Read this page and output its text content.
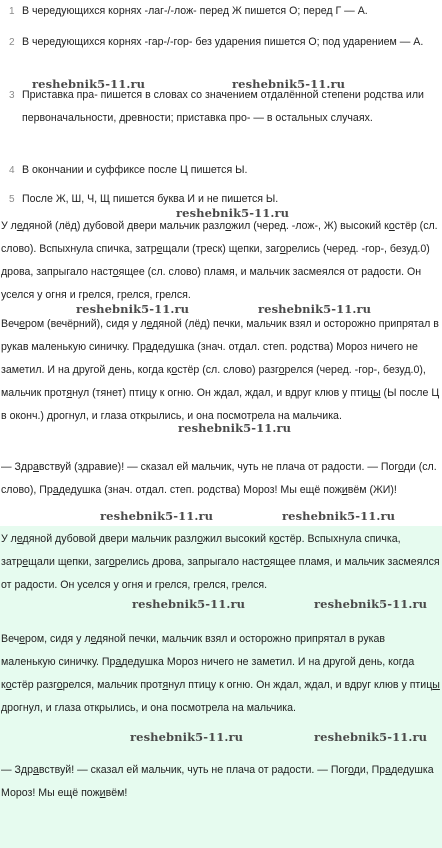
1 В чередующихся корнях -лаг-/-лож- перед Ж пишется О; перед Г — А.
2 В чередующихся корнях -гар-/-гор- без ударения пишется О; под ударением — А.
3 Приставка пра- пишется в словах со значением отдалённой степени родства или первоначальности, древности; приставка про- — в остальных случаях.
4 В окончании и суффиксе после Ц пишется Ы.
5 После Ж, Ш, Ч, Щ пишется буква И и не пишется Ы.
У ледяной (лёд) дубовой двери мальчик разложил (черед. -лож-, Ж) высокий костёр (сл. слово). Вспыхнула спичка, затрещали (треск) щепки, загорелись (черед. -гор-, безуд.0) дрова, запрыгало настоящее (сл. слово) пламя, и мальчик засмеялся от радости. Он уселся у огня и грелся, грелся, грелся.
Вечером (вечёрний), сидя у ледяной (лёд) печки, мальчик взял и осторожно припрятал в рукав маленькую синичку. Прадедушка (знач. отдал. степ. родства) Мороз ничего не заметил. И на другой день, когда костёр (сл. слово) разгорелся (черед. -гор-, безуд.0), мальчик протянул (тянет) птицу к огню. Он ждал, ждал, и вдруг клюв у птицы (Ы после Ц в оконч.) дрогнул, и глаза открылись, и она посмотрела на мальчика.
— Здравствуй (здравие)! — сказал ей мальчик, чуть не плача от радости. — Погоди (сл. слово), Прадедушка (знач. отдал. степ. родства) Мороз! Мы ещё поживём (ЖИ)!
У ледяной дубовой двери мальчик разложил высокий костёр. Вспыхнула спичка, затрещали щепки, загорелись дрова, запрыгало настоящее пламя, и мальчик засмеялся от радости. Он уселся у огня и грелся, грелся, грелся.
Вечером, сидя у ледяной печки, мальчик взял и осторожно припрятал в рукав маленькую синичку. Прадедушка Мороз ничего не заметил. И на другой день, когда костёр разгорелся, мальчик протянул птицу к огню. Он ждал, ждал, и вдруг клюв у птицы дрогнул, и глаза открылись, и она посмотрела на мальчика.
— Здравствуй! — сказал ей мальчик, чуть не плача от радости. — Погоди, Прадедушка Мороз! Мы ещё поживём!
reshebnik5-11.ru	reshebnik5-11.ru
reshebnik5-11.ru
reshebnik5-11.ru	reshebnik5-11.ru
reshebnik5-11.ru
reshebnik5-11.ru	reshebnik5-11.ru
reshebnik5-11.ru	reshebnik5-11.ru
reshebnik5-11.ru	reshebnik5-11.ru
